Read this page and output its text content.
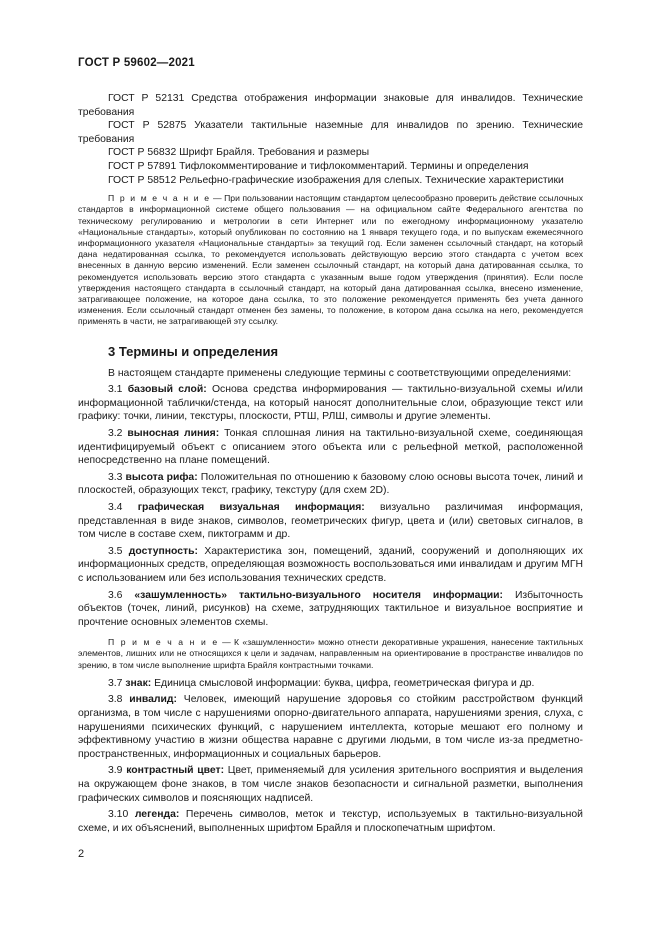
ГОСТ Р 59602—2021

ГОСТ Р 52131 Средства отображения информации знаковые для инвалидов. Технические требования

ГОСТ Р 52875 Указатели тактильные наземные для инвалидов по зрению. Технические требования

ГОСТ Р 56832 Шрифт Брайля. Требования и размеры

ГОСТ Р 57891 Тифлокомментирование и тифлокомментарий. Термины и определения

ГОСТ Р 58512 Рельефно-графические изображения для слепых. Технические характеристики

П р и м е ч а н и е — При пользовании настоящим стандартом целесообразно проверить действие ссылочных стандартов в информационной системе общего пользования — на официальном сайте Федерального агентства по техническому регулированию и метрологии в сети Интернет или по ежегодному информационному указателю «Национальные стандарты», который опубликован по состоянию на 1 января текущего года, и по выпускам ежемесячного информационного указателя «Национальные стандарты» за текущий год. Если заменен ссылочный стандарт, на который дана недатированная ссылка, то рекомендуется использовать действующую версию этого стандарта с учетом всех внесенных в данную версию изменений. Если заменен ссылочный стандарт, на который дана датированная ссылка, то рекомендуется использовать версию этого стандарта с указанным выше годом утверждения (принятия). Если после утверждения настоящего стандарта в ссылочный стандарт, на который дана датированная ссылка, внесено изменение, затрагивающее положение, на которое дана ссылка, то это положение рекомендуется применять без учета данного изменения. Если ссылочный стандарт отменен без замены, то положение, в котором дана ссылка на него, рекомендуется применять в части, не затрагивающей эту ссылку.

3 Термины и определения

В настоящем стандарте применены следующие термины с соответствующими определениями:

3.1 базовый слой: Основа средства информирования — тактильно-визуальной схемы и/или информационной таблички/стенда, на который наносят дополнительные слои, образующие текст или графику: точки, линии, текстуры, плоскости, РТШ, РЛШ, символы и другие элементы.

3.2 выносная линия: Тонкая сплошная линия на тактильно-визуальной схеме, соединяющая идентифицируемый объект с описанием этого объекта или с рельефной меткой, расположенной непосредственно на плане помещений.

3.3 высота рифа: Положительная по отношению к базовому слою основы высота точек, линий и плоскостей, образующих текст, графику, текстуру (для схем 2D).

3.4 графическая визуальная информация: визуально различимая информация, представленная в виде знаков, символов, геометрических фигур, цвета и (или) световых сигналов, в том числе в составе схем, пиктограмм и др.

3.5 доступность: Характеристика зон, помещений, зданий, сооружений и дополняющих их информационных средств, определяющая возможность воспользоваться ими инвалидам и другим МГН с использованием или без использования технических средств.

3.6 «зашумленность» тактильно-визуального носителя информации: Избыточность объектов (точек, линий, рисунков) на схеме, затрудняющих тактильное и визуальное восприятие и прочтение основных элементов схемы.

П р и м е ч а н и е — К «зашумленности» можно отнести декоративные украшения, нанесение тактильных элементов, лишних или не относящихся к цели и задачам, направленным на ориентирование в пространстве инвалидов по зрению, в том числе выполнение шрифта Брайля контрастными точками.

3.7 знак: Единица смысловой информации: буква, цифра, геометрическая фигура и др.

3.8 инвалид: Человек, имеющий нарушение здоровья со стойким расстройством функций организма, в том числе с нарушениями опорно-двигательного аппарата, нарушениями зрения, слуха, с нарушениями психических функций, с нарушением интеллекта, которые мешают его полному и эффективному участию в жизни общества наравне с другими людьми, в том числе из-за предметно-пространственных, информационных и социальных барьеров.

3.9 контрастный цвет: Цвет, применяемый для усиления зрительного восприятия и выделения на окружающем фоне знаков, в том числе знаков безопасности и сигнальной разметки, выполнения графических символов и поясняющих надписей.

3.10 легенда: Перечень символов, меток и текстур, используемых в тактильно-визуальной схеме, и их объяснений, выполненных шрифтом Брайля и плоскопечатным шрифтом.

2
